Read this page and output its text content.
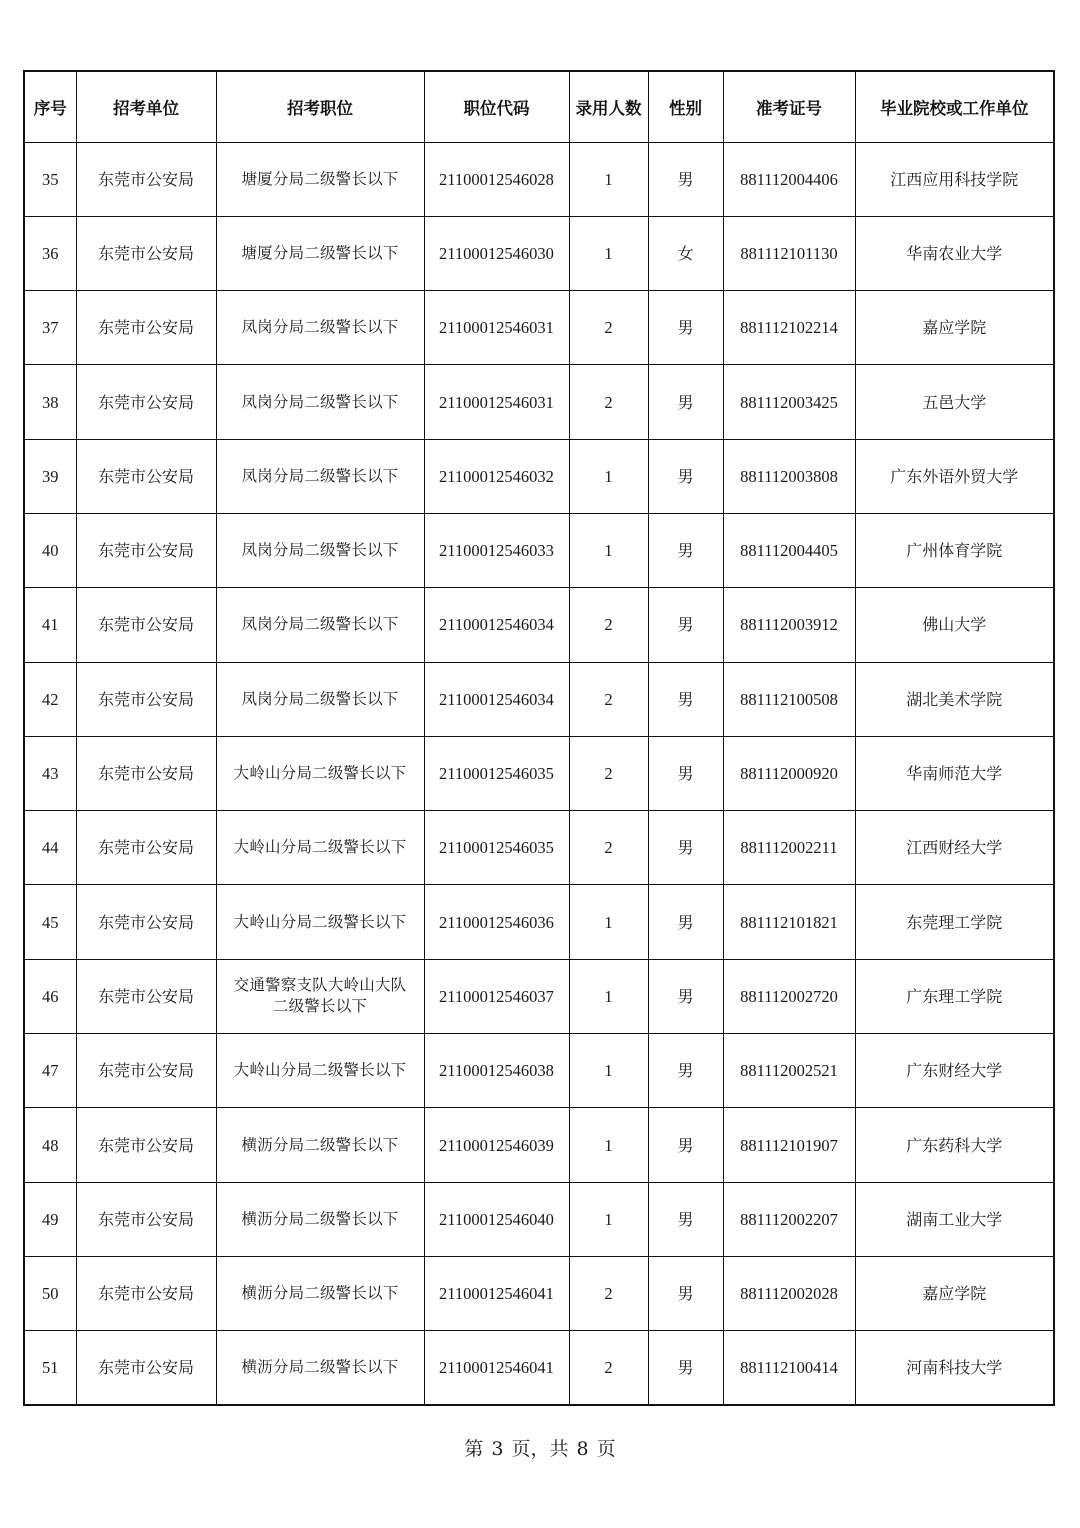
序号	招考单位	招考职位	职位代码	录用人数	性别	准考证号	毕业院校或工作单位
35	东莞市公安局	塘厦分局二级警长以下	21100012546028	1	男	881112004406	江西应用科技学院
36	东莞市公安局	塘厦分局二级警长以下	21100012546030	1	女	881112101130	华南农业大学
37	东莞市公安局	凤岗分局二级警长以下	21100012546031	2	男	881112102214	嘉应学院
38	东莞市公安局	凤岗分局二级警长以下	21100012546031	2	男	881112003425	五邑大学
39	东莞市公安局	凤岗分局二级警长以下	21100012546032	1	男	881112003808	广东外语外贸大学
40	东莞市公安局	凤岗分局二级警长以下	21100012546033	1	男	881112004405	广州体育学院
41	东莞市公安局	凤岗分局二级警长以下	21100012546034	2	男	881112003912	佛山大学
42	东莞市公安局	凤岗分局二级警长以下	21100012546034	2	男	881112100508	湖北美术学院
43	东莞市公安局	大岭山分局二级警长以下	21100012546035	2	男	881112000920	华南师范大学
44	东莞市公安局	大岭山分局二级警长以下	21100012546035	2	男	881112002211	江西财经大学
45	东莞市公安局	大岭山分局二级警长以下	21100012546036	1	男	881112101821	东莞理工学院
46	东莞市公安局	交通警察支队大岭山大队二级警长以下	21100012546037	1	男	881112002720	广东理工学院
47	东莞市公安局	大岭山分局二级警长以下	21100012546038	1	男	881112002521	广东财经大学
48	东莞市公安局	横沥分局二级警长以下	21100012546039	1	男	881112101907	广东药科大学
49	东莞市公安局	横沥分局二级警长以下	21100012546040	1	男	881112002207	湖南工业大学
50	东莞市公安局	横沥分局二级警长以下	21100012546041	2	男	881112002028	嘉应学院
51	东莞市公安局	横沥分局二级警长以下	21100012546041	2	男	881112100414	河南科技大学
第 3 页，共 8 页
